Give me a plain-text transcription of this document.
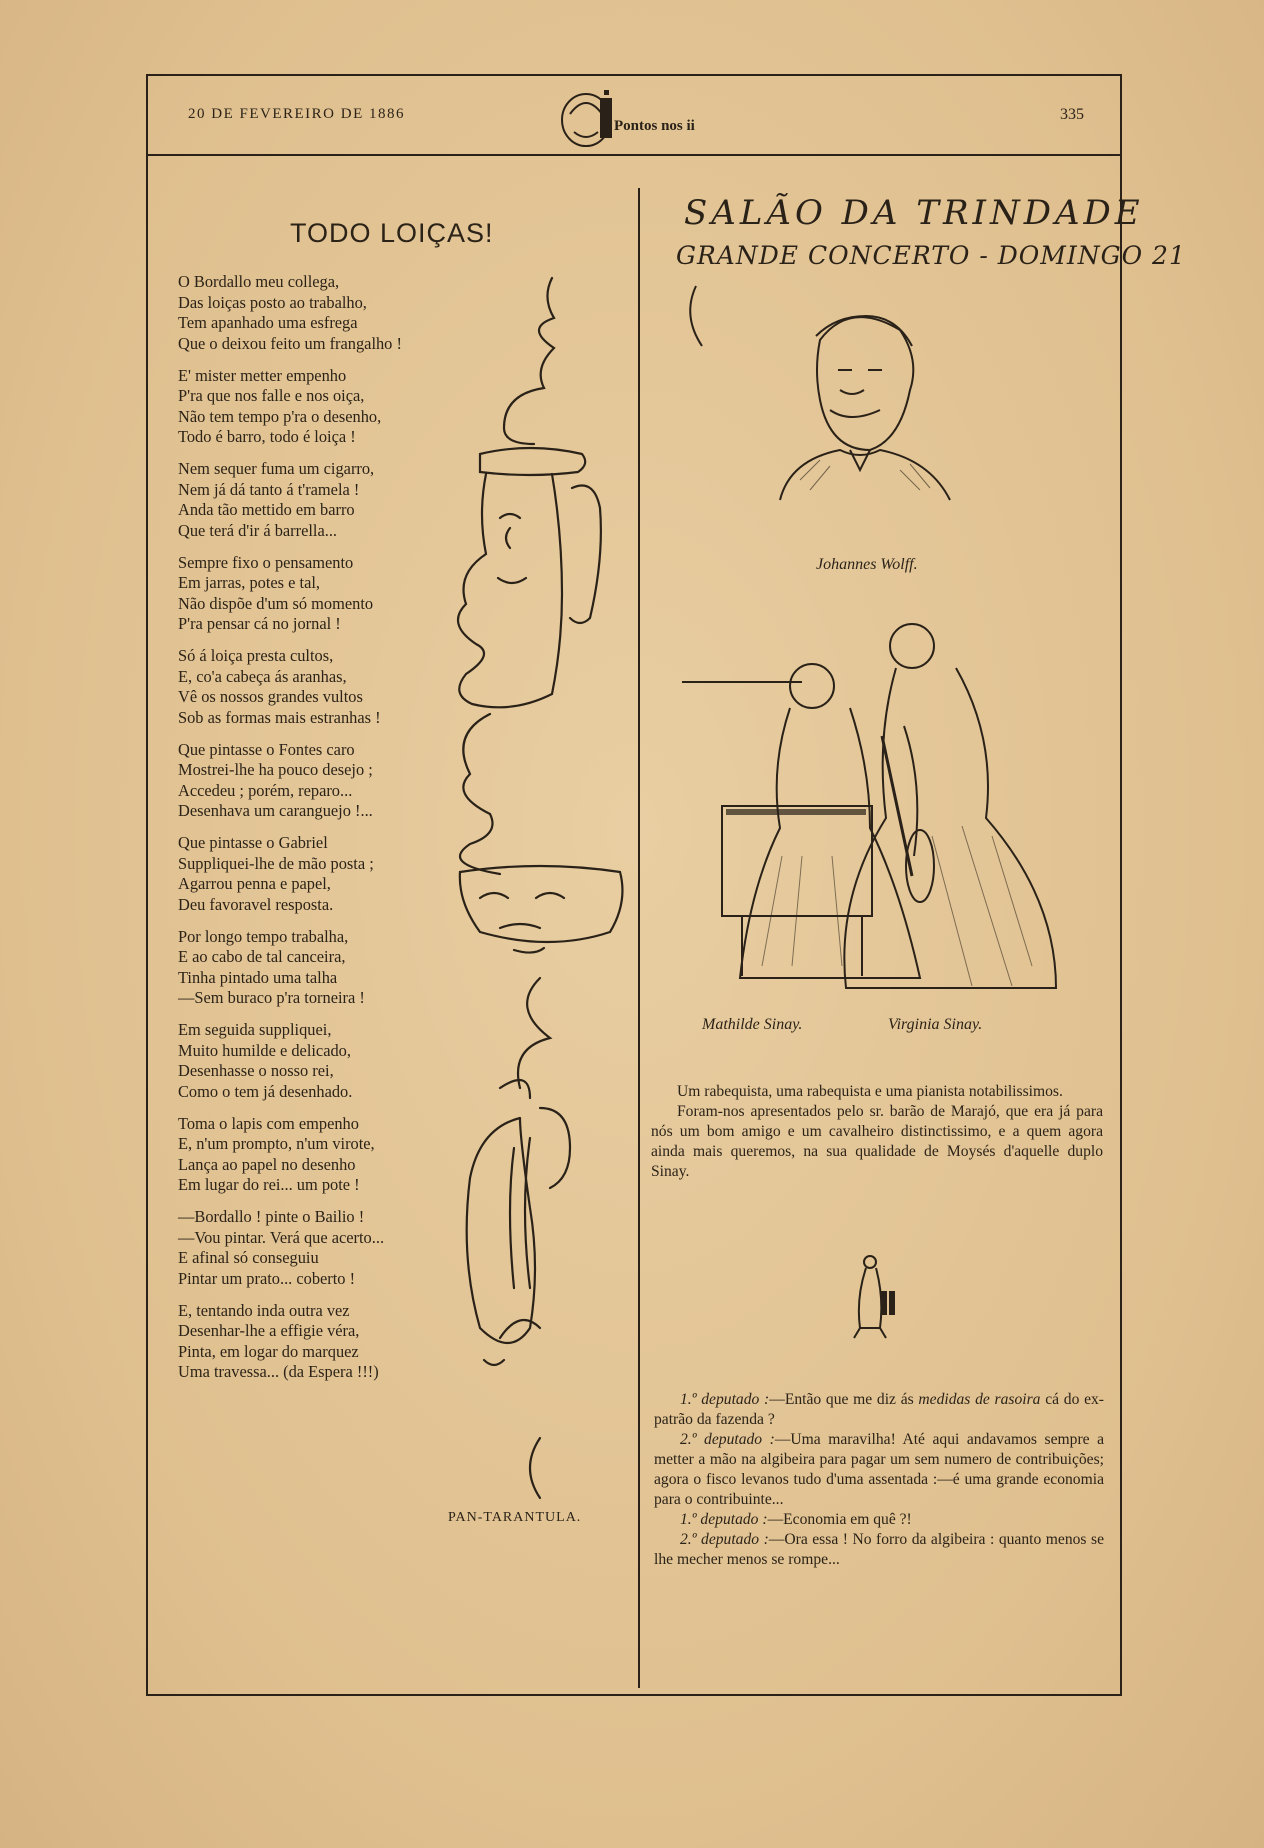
20 DE FEVEREIRO DE 1886	335
Pontos nos ii
TODO LOIÇAS!
O Bordallo meu collega,
Das loiças posto ao trabalho,
Tem apanhado uma esfrega
Que o deixou feito um frangalho !
E' mister metter empenho
P'ra que nos falle e nos oiça,
Não tem tempo p'ra o desenho,
Todo é barro, todo é loiça !
Nem sequer fuma um cigarro,
Nem já dá tanto á t'ramela !
Anda tão mettido em barro
Que terá d'ir á barrella...
Sempre fixo o pensamento
Em jarras, potes e tal,
Não dispõe d'um só momento
P'ra pensar cá no jornal !
Só á loiça presta cultos,
E, co'a cabeça ás aranhas,
Vê os nossos grandes vultos
Sob as formas mais estranhas !
Que pintasse o Fontes caro
Mostrei-lhe ha pouco desejo ;
Accedeu ; porém, reparo...
Desenhava um caranguejo !...
Que pintasse o Gabriel
Suppliquei-lhe de mão posta ;
Agarrou penna e papel,
Deu favoravel resposta.
Por longo tempo trabalha,
E ao cabo de tal canceira,
Tinha pintado uma talha
—Sem buraco p'ra torneira !
Em seguida suppliquei,
Muito humilde e delicado,
Desenhasse o nosso rei,
Como o tem já desenhado.
Toma o lapis com empenho
E, n'um prompto, n'um virote,
Lança ao papel no desenho
Em lugar do rei... um pote !
—Bordallo ! pinte o Bailio !
—Vou pintar. Verá que acerto...
E afinal só conseguiu
Pintar um prato... coberto !
E, tentando inda outra vez
Desenhar-lhe a effigie véra,
Pinta, em logar do marquez
Uma travessa... (da Espera !!!)
PAN-TARANTULA.
SALÃO DA TRINDADE
GRANDE CONCERTO - DOMINGO 21
Johannes Wolff.
Mathilde Sinay.	Virginia Sinay.

Um rabequista, uma rabequista e uma pianista notabilissimos.

Foram-nos apresentados pelo sr. barão de Marajó, que era já para nós um bom amigo e um cavalheiro distinctissimo, e a quem agora ainda mais queremos, na sua qualidade de Moysés d'aquelle duplo Sinay.

1.º deputado :—Então que me diz ás medidas de rasoira cá do ex-patrão da fazenda ?

2.º deputado :—Uma maravilha! Até aqui andavamos sempre a metter a mão na algibeira para pagar um sem numero de contribuições; agora o fisco levanos tudo d'uma assentada :—é uma grande economia para o contribuinte...

1.º deputado :—Economia em quê ?!

2.º deputado :—Ora essa ! No forro da algibeira : quanto menos se lhe mecher menos se rompe...
